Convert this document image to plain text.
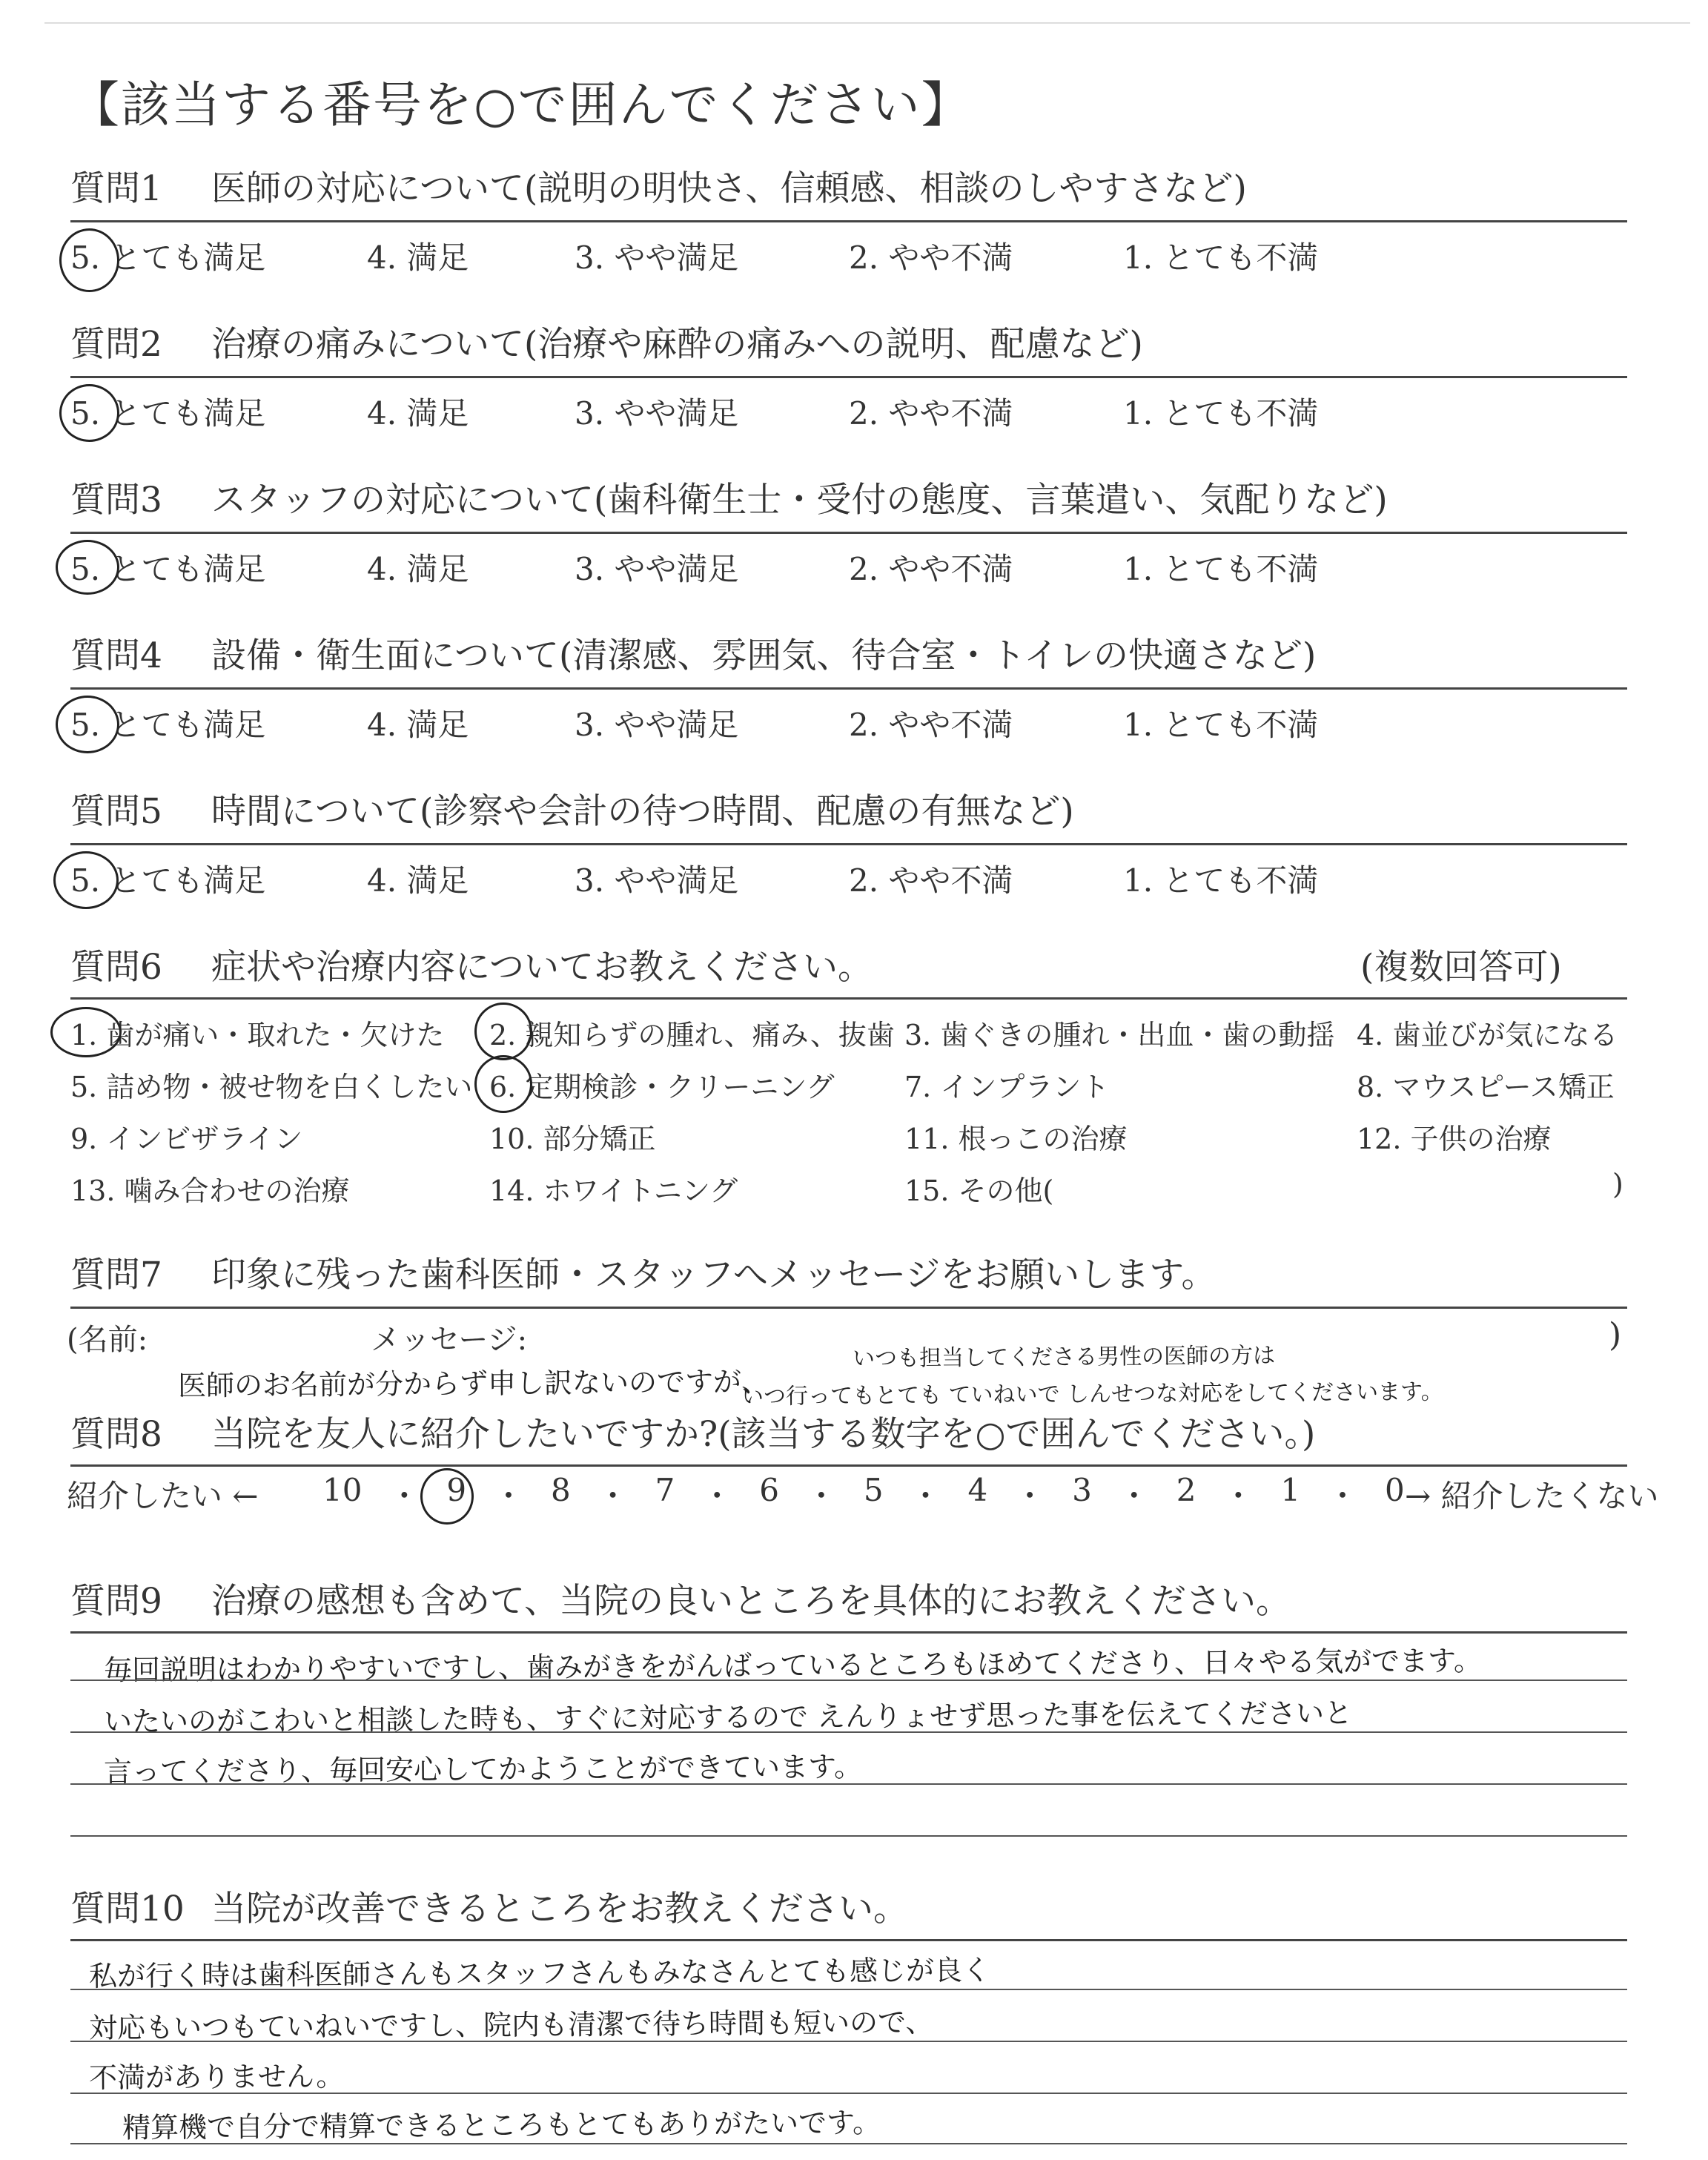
【該当する番号を○で囲んでください】
質問1 医師の対応について(説明の明快さ、信頼感、相談のしやすさなど)
5. とても満足	4. 満足	3. やや満足	2. やや不満	1. とても不満
質問2 治療の痛みについて(治療や麻酔の痛みへの説明、配慮など)
5. とても満足	4. 満足	3. やや満足	2. やや不満	1. とても不満
質問3 スタッフの対応について(歯科衛生士・受付の態度、言葉遣い、気配りなど)
5. とても満足	4. 満足	3. やや満足	2. やや不満	1. とても不満
質問4 設備・衛生面について(清潔感、雰囲気、待合室・トイレの快適さなど)
5. とても満足	4. 満足	3. やや満足	2. やや不満	1. とても不満
質問5 時間について(診察や会計の待つ時間、配慮の有無など)
5. とても満足	4. 満足	3. やや満足	2. やや不満	1. とても不満
質問6 症状や治療内容についてお教えください。	(複数回答可)
1. 歯が痛い・取れた・欠けた 2. 親知らずの腫れ、痛み、抜歯 3. 歯ぐきの腫れ・出血・歯の動揺 4. 歯並びが気になる
5. 詰め物・被せ物を白くしたい 6. 定期検診・クリーニング 7. インプラント	8. マウスピース矯正
9. インビザライン	10. 部分矯正	11. 根っこの治療	12. 子供の治療
13. 噛み合わせの治療	14. ホワイトニング	15. その他(	)
質問7 印象に残った歯科医師・スタッフへメッセージをお願いします。
(名前:	メッセージ:	)
医師のお名前が分からず申し訳ないのですが、
いつも担当してくださる男性の医師の方は
いつ行ってもとても ていねいで しんせつな対応をしてくださいます。
質問8 当院を友人に紹介したいですか?(該当する数字を○で囲んでください。)
紹介したい ← 10 ・ 9 ・ 8 ・ 7 ・ 6 ・ 5 ・ 4 ・ 3 ・ 2 ・ 1 ・ 0 → 紹介したくない
質問9 治療の感想も含めて、当院の良いところを具体的にお教えください。
毎回説明はわかりやすいですし、歯みがきをがんばっているところもほめてくださり、日々やる気がでます。
いたいのがこわいと相談した時も、すぐに対応するので えんりょせず思った事を伝えてくださいと
言ってくださり、毎回安心してかようことができています。
質問10 当院が改善できるところをお教えください。
私が行く時は歯科医師さんもスタッフさんもみなさんとても感じが良く
対応もいつもていねいですし、院内も清潔で待ち時間も短いので、
不満がありません。
精算機で自分で精算できるところもとてもありがたいです。
